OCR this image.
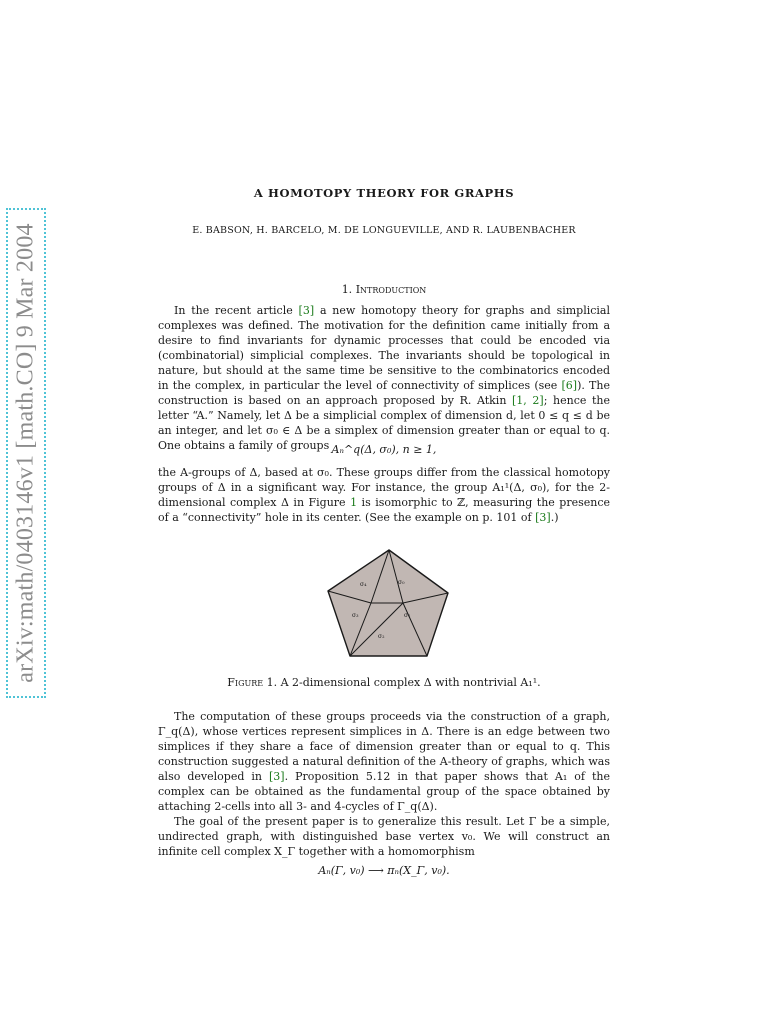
arXiv:math/0403146v1 [math.CO] 9 Mar 2004
A HOMOTOPY THEORY FOR GRAPHS
E. BABSON, H. BARCELO, M. DE LONGUEVILLE, AND R. LAUBENBACHER
1. Introduction

In the recent article [3] a new homotopy theory for graphs and simplicial complexes was defined. The motivation for the definition came initially from a desire to find invariants for dynamic processes that could be encoded via (combinatorial) simplicial complexes. The invariants should be topological in nature, but should at the same time be sensitive to the combinatorics encoded in the complex, in particular the level of connectivity of simplices (see [6]). The construction is based on an approach proposed by R. Atkin [1, 2]; hence the letter “A.” Namely, let Δ be a simplicial complex of dimension d, let 0 ≤ q ≤ d be an integer, and let σ₀ ∈ Δ be a simplex of dimension greater than or equal to q. One obtains a family of groups Aₙ^q(Δ, σ₀), n ≥ 1,

the A-groups of Δ, based at σ₀. These groups differ from the classical homotopy groups of Δ in a significant way. For instance, the group A₁¹(Δ, σ₀), for the 2-dimensional complex Δ in Figure 1 is isomorphic to ℤ, measuring the presence of a “connectivity” hole in its center. (See the example on p. 101 of [3].)

σ₀
σ₁
σ₂
σ₃
σ₄
Figure 1. A 2-dimensional complex Δ with nontrivial A₁¹.

The computation of these groups proceeds via the construction of a graph, Γ_q(Δ), whose vertices represent simplices in Δ. There is an edge between two simplices if they share a face of dimension greater than or equal to q. This construction suggested a natural definition of the A-theory of graphs, which was also developed in [3]. Proposition 5.12 in that paper shows that A₁ of the complex can be obtained as the fundamental group of the space obtained by attaching 2-cells into all 3- and 4-cycles of Γ_q(Δ).

The goal of the present paper is to generalize this result. Let Γ be a simple, undirected graph, with distinguished base vertex v₀. We will construct an infinite cell complex X_Γ together with a homomorphism

Aₙ(Γ, v₀) ⟶ πₙ(X_Γ, v₀).
